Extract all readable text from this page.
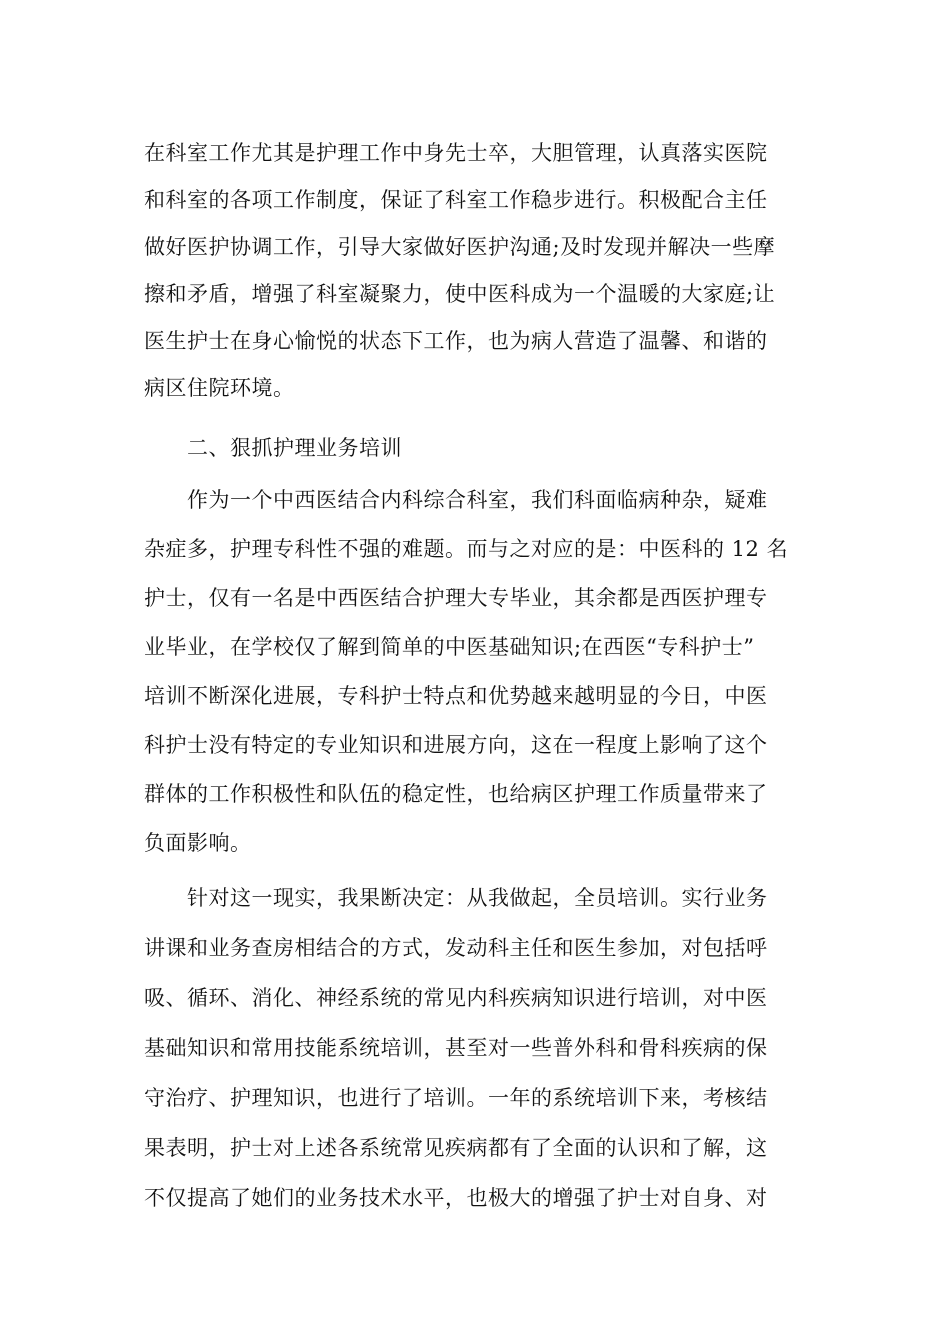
在科室工作尤其是护理工作中身先士卒，大胆管理，认真落实医院

和科室的各项工作制度，保证了科室工作稳步进行。积极配合主任

做好医护协调工作，引导大家做好医护沟通;及时发现并解决一些摩

擦和矛盾，增强了科室凝聚力，使中医科成为一个温暖的大家庭;让

医生护士在身心愉悦的状态下工作，也为病人营造了温馨、和谐的

病区住院环境。

二、狠抓护理业务培训

作为一个中西医结合内科综合科室，我们科面临病种杂，疑难

杂症多，护理专科性不强的难题。而与之对应的是：中医科的 12 名

护士，仅有一名是中西医结合护理大专毕业，其余都是西医护理专

业毕业，在学校仅了解到简单的中医基础知识;在西医“专科护士”

培训不断深化进展，专科护士特点和优势越来越明显的今日，中医

科护士没有特定的专业知识和进展方向，这在一程度上影响了这个

群体的工作积极性和队伍的稳定性，也给病区护理工作质量带来了

负面影响。

针对这一现实，我果断决定：从我做起，全员培训。实行业务

讲课和业务查房相结合的方式，发动科主任和医生参加，对包括呼

吸、循环、消化、神经系统的常见内科疾病知识进行培训，对中医

基础知识和常用技能系统培训，甚至对一些普外科和骨科疾病的保

守治疗、护理知识，也进行了培训。一年的系统培训下来，考核结

果表明，护士对上述各系统常见疾病都有了全面的认识和了解，这

不仅提高了她们的业务技术水平，也极大的增强了护士对自身、对
